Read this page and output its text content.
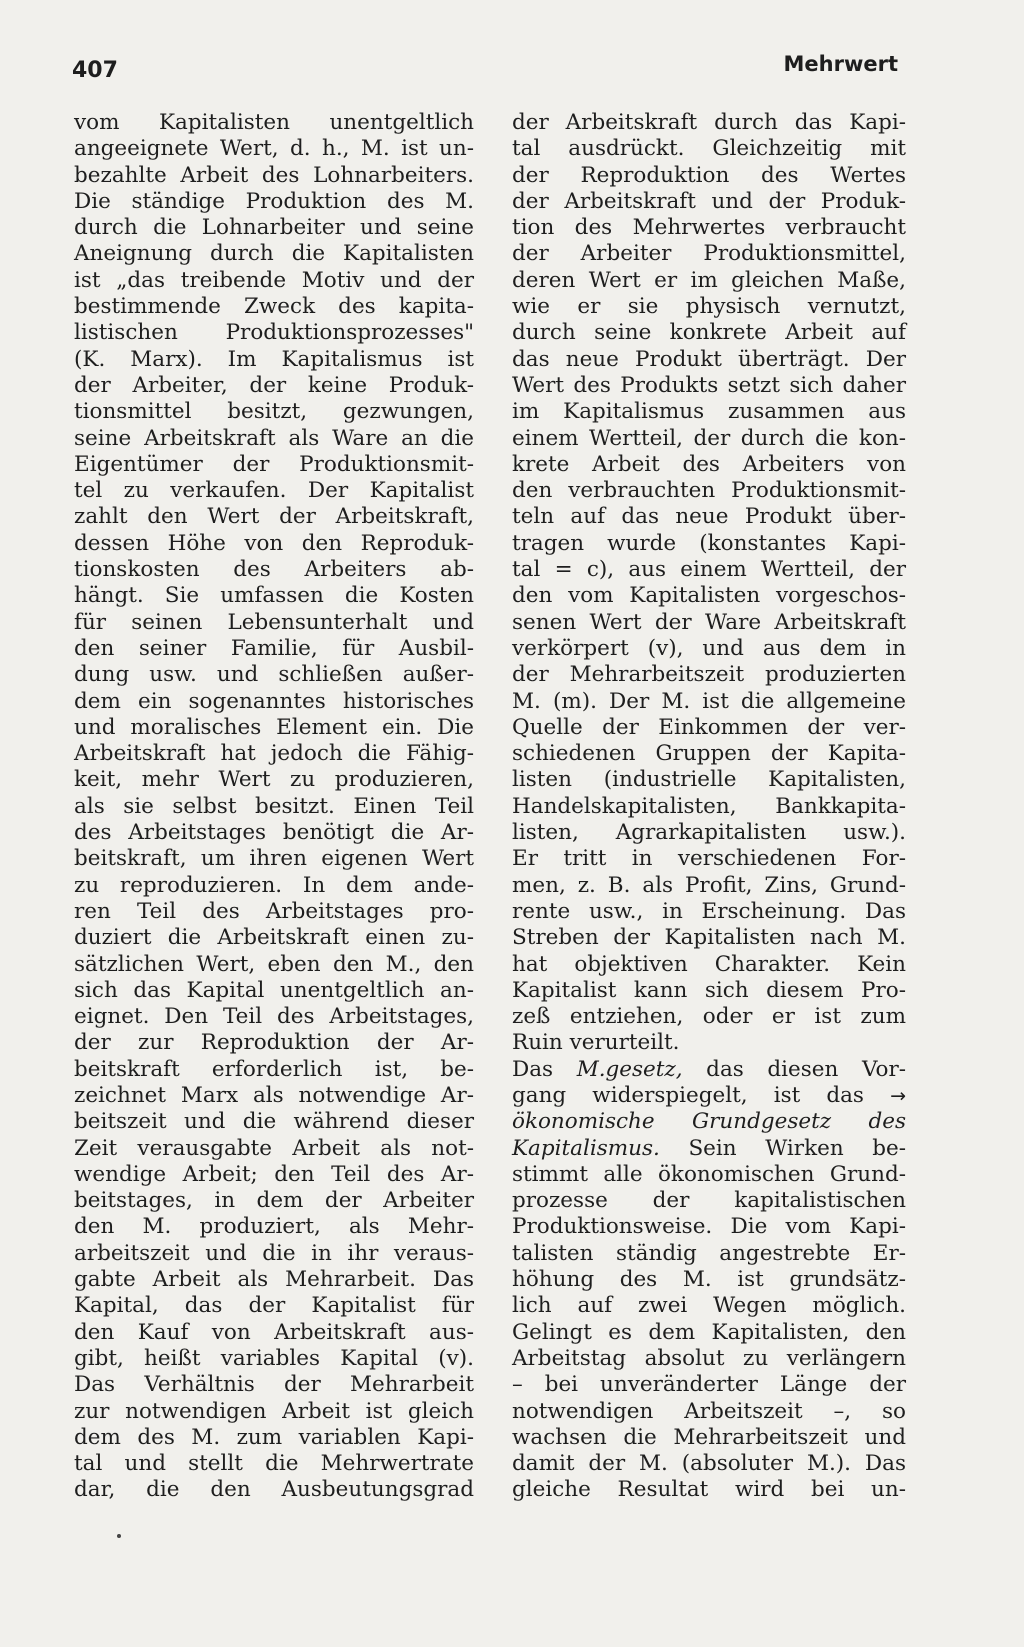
407	Mehrwert
vom Kapitalisten unentgeltlich
angeeignete Wert, d. h., M. ist un-
bezahlte Arbeit des Lohnarbeiters.
Die ständige Produktion des M.
durch die Lohnarbeiter und seine
Aneignung durch die Kapitalisten
ist „das treibende Motiv und der
bestimmende Zweck des kapita-
listischen Produktionsprozesses"
(K. Marx). Im Kapitalismus ist
der Arbeiter, der keine Produk-
tionsmittel besitzt, gezwungen,
seine Arbeitskraft als Ware an die
Eigentümer der Produktionsmit-
tel zu verkaufen. Der Kapitalist
zahlt den Wert der Arbeitskraft,
dessen Höhe von den Reproduk-
tionskosten des Arbeiters ab-
hängt. Sie umfassen die Kosten
für seinen Lebensunterhalt und
den seiner Familie, für Ausbil-
dung usw. und schließen außer-
dem ein sogenanntes historisches
und moralisches Element ein. Die
Arbeitskraft hat jedoch die Fähig-
keit, mehr Wert zu produzieren,
als sie selbst besitzt. Einen Teil
des Arbeitstages benötigt die Ar-
beitskraft, um ihren eigenen Wert
zu reproduzieren. In dem ande-
ren Teil des Arbeitstages pro-
duziert die Arbeitskraft einen zu-
sätzlichen Wert, eben den M., den
sich das Kapital unentgeltlich an-
eignet. Den Teil des Arbeitstages,
der zur Reproduktion der Ar-
beitskraft erforderlich ist, be-
zeichnet Marx als notwendige Ar-
beitszeit und die während dieser
Zeit verausgabte Arbeit als not-
wendige Arbeit; den Teil des Ar-
beitstages, in dem der Arbeiter
den M. produziert, als Mehr-
arbeitszeit und die in ihr veraus-
gabte Arbeit als Mehrarbeit. Das
Kapital, das der Kapitalist für
den Kauf von Arbeitskraft aus-
gibt, heißt variables Kapital (v).
Das Verhältnis der Mehrarbeit
zur notwendigen Arbeit ist gleich
dem des M. zum variablen Kapi-
tal und stellt die Mehrwertrate
dar, die den Ausbeutungsgrad
der Arbeitskraft durch das Kapi-
tal ausdrückt. Gleichzeitig mit
der Reproduktion des Wertes
der Arbeitskraft und der Produk-
tion des Mehrwertes verbraucht
der Arbeiter Produktionsmittel,
deren Wert er im gleichen Maße,
wie er sie physisch vernutzt,
durch seine konkrete Arbeit auf
das neue Produkt überträgt. Der
Wert des Produkts setzt sich daher
im Kapitalismus zusammen aus
einem Wertteil, der durch die kon-
krete Arbeit des Arbeiters von
den verbrauchten Produktionsmit-
teln auf das neue Produkt über-
tragen wurde (konstantes Kapi-
tal = c), aus einem Wertteil, der
den vom Kapitalisten vorgeschos-
senen Wert der Ware Arbeitskraft
verkörpert (v), und aus dem in
der Mehrarbeitszeit produzierten
M. (m). Der M. ist die allgemeine
Quelle der Einkommen der ver-
schiedenen Gruppen der Kapita-
listen (industrielle Kapitalisten,
Handelskapitalisten, Bankkapita-
listen, Agrarkapitalisten usw.).
Er tritt in verschiedenen For-
men, z. B. als Profit, Zins, Grund-
rente usw., in Erscheinung. Das
Streben der Kapitalisten nach M.
hat objektiven Charakter. Kein
Kapitalist kann sich diesem Pro-
zeß entziehen, oder er ist zum
Ruin verurteilt.
Das M.gesetz, das diesen Vor-
gang widerspiegelt, ist das →
ökonomische Grundgesetz des
Kapitalismus. Sein Wirken be-
stimmt alle ökonomischen Grund-
prozesse der kapitalistischen
Produktionsweise. Die vom Kapi-
talisten ständig angestrebte Er-
höhung des M. ist grundsätz-
lich auf zwei Wegen möglich.
Gelingt es dem Kapitalisten, den
Arbeitstag absolut zu verlängern
– bei unveränderter Länge der
notwendigen Arbeitszeit –, so
wachsen die Mehrarbeitszeit und
damit der M. (absoluter M.). Das
gleiche Resultat wird bei un-
